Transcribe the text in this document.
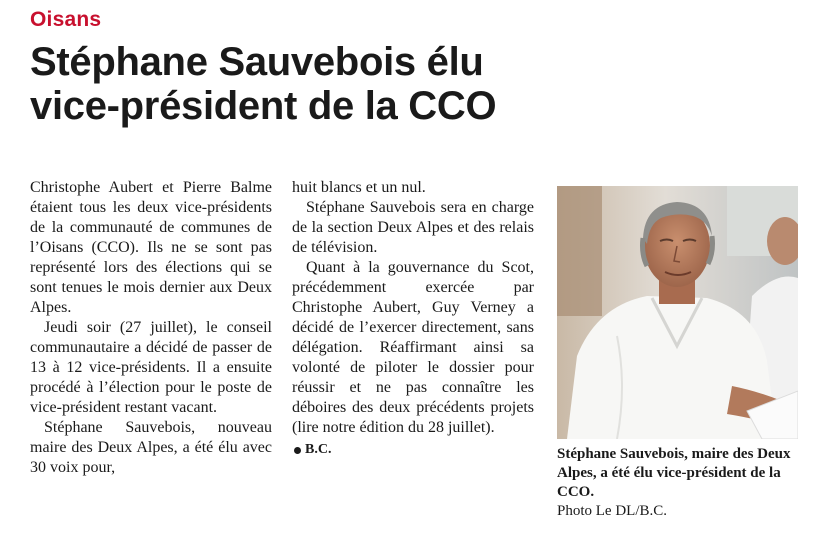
Oisans
Stéphane Sauvebois élu
vice-président de la CCO

Christophe Aubert et Pierre Balme étaient tous les deux vice-présidents de la communauté de communes de l’Oisans (CCO). Ils ne se sont pas représenté lors des élections qui se sont tenues le mois dernier aux Deux Alpes.

Jeudi soir (27 juillet), le conseil communautaire a décidé de passer de 13 à 12 vice-présidents. Il a ensuite procédé à l’élection pour le poste de vice-président restant vacant.

Stéphane Sauvebois, nouveau maire des Deux Alpes, a été élu avec 30 voix pour,

huit blancs et un nul.

Stéphane Sauvebois sera en charge de la section Deux Alpes et des relais de télévision.

Quant à la gouvernance du Scot, précédemment exercée par Christophe Aubert, Guy Verney a décidé de l’exercer directement, sans délégation. Réaffirmant ainsi sa volonté de piloter le dossier pour réussir et ne pas connaître les déboires des deux précédents projets (lire notre édition du 28 juillet).

B.C.	Stéphane Sauvebois, maire des Deux Alpes, a été élu vice-président de la CCO.
Photo Le DL/B.C.
